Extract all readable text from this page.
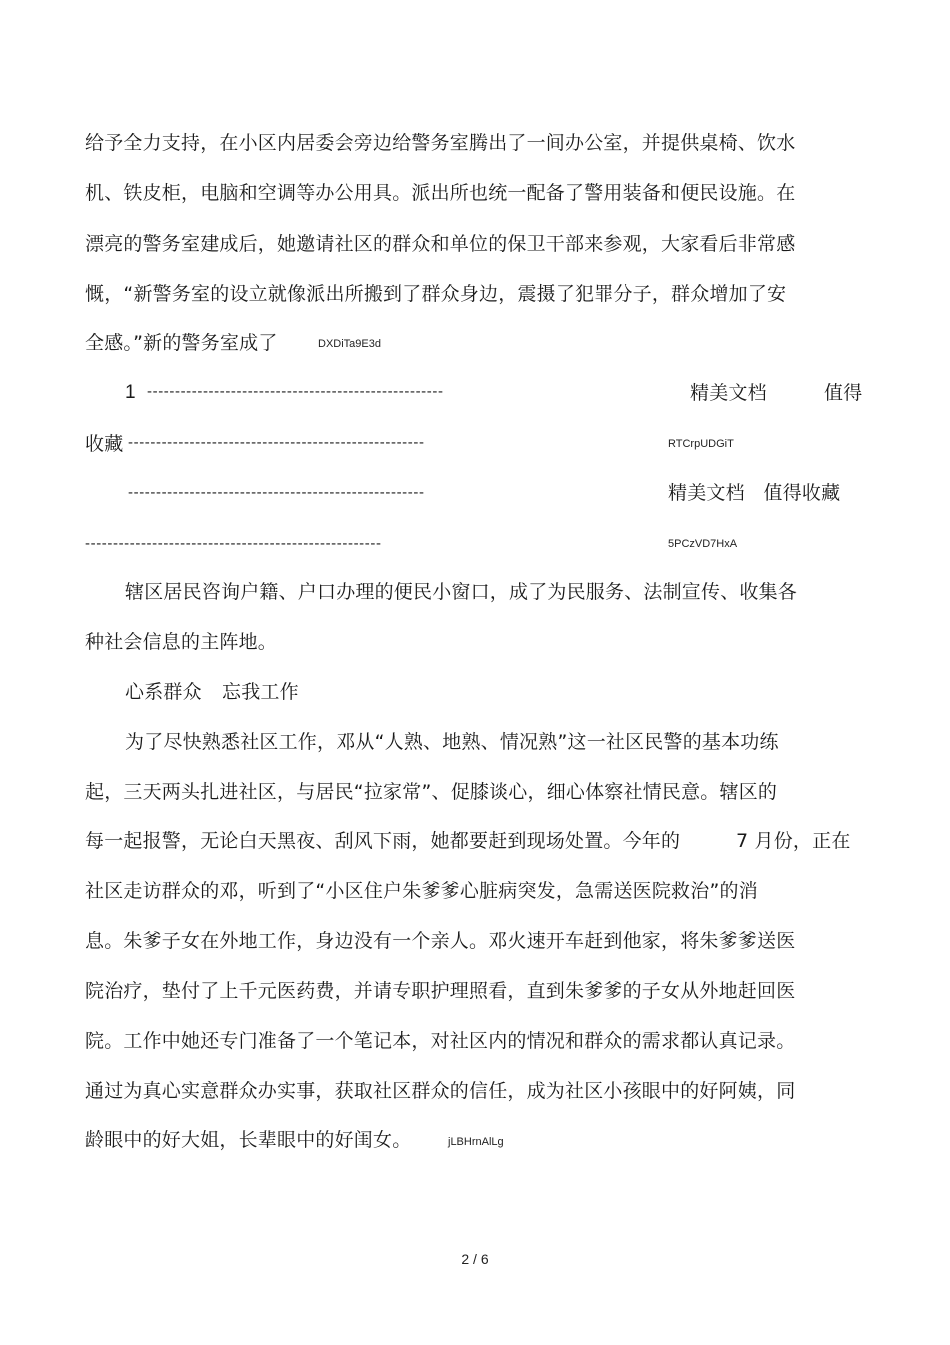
给予全力支持，在小区内居委会旁边给警务室腾出了一间办公室，并提供桌椅、饮水
机、铁皮柜，电脑和空调等办公用具。派出所也统一配备了警用装备和便民设施。在
漂亮的警务室建成后，她邀请社区的群众和单位的保卫干部来参观，大家看后非常感
慨，“新警务室的设立就像派出所搬到了群众身边，震摄了犯罪分子，群众增加了安
全感。”新的警务室成了	DXDiTa9E3d
1 -----------------------------------------------------	精美文档	值得
收藏 -----------------------------------------------------	RTCrpUDGiT
-----------------------------------------------------	精美文档   值得收藏
-----------------------------------------------------	5PCzVD7HxA
辖区居民咨询户籍、户口办理的便民小窗口，成了为民服务、法制宣传、收集各
种社会信息的主阵地。
心系群众 忘我工作
为了尽快熟悉社区工作，邓从“人熟、地熟、情况熟”这一社区民警的基本功练
起，三天两头扎进社区，与居民“拉家常”、促膝谈心，细心体察社情民意。辖区的
每一起报警，无论白天黑夜、刮风下雨，她都要赶到现场处置。今年的	7 月份，正在
社区走访群众的邓，听到了“小区住户朱爹爹心脏病突发，急需送医院救治”的消
息。朱爹子女在外地工作，身边没有一个亲人。邓火速开车赶到他家，将朱爹爹送医
院治疗，垫付了上千元医药费，并请专职护理照看，直到朱爹爹的子女从外地赶回医
院。工作中她还专门准备了一个笔记本，对社区内的情况和群众的需求都认真记录。
通过为真心实意群众办实事，获取社区群众的信任，成为社区小孩眼中的好阿姨，同
龄眼中的好大姐，长辈眼中的好闺女。	jLBHrnAlLg
2 / 6
